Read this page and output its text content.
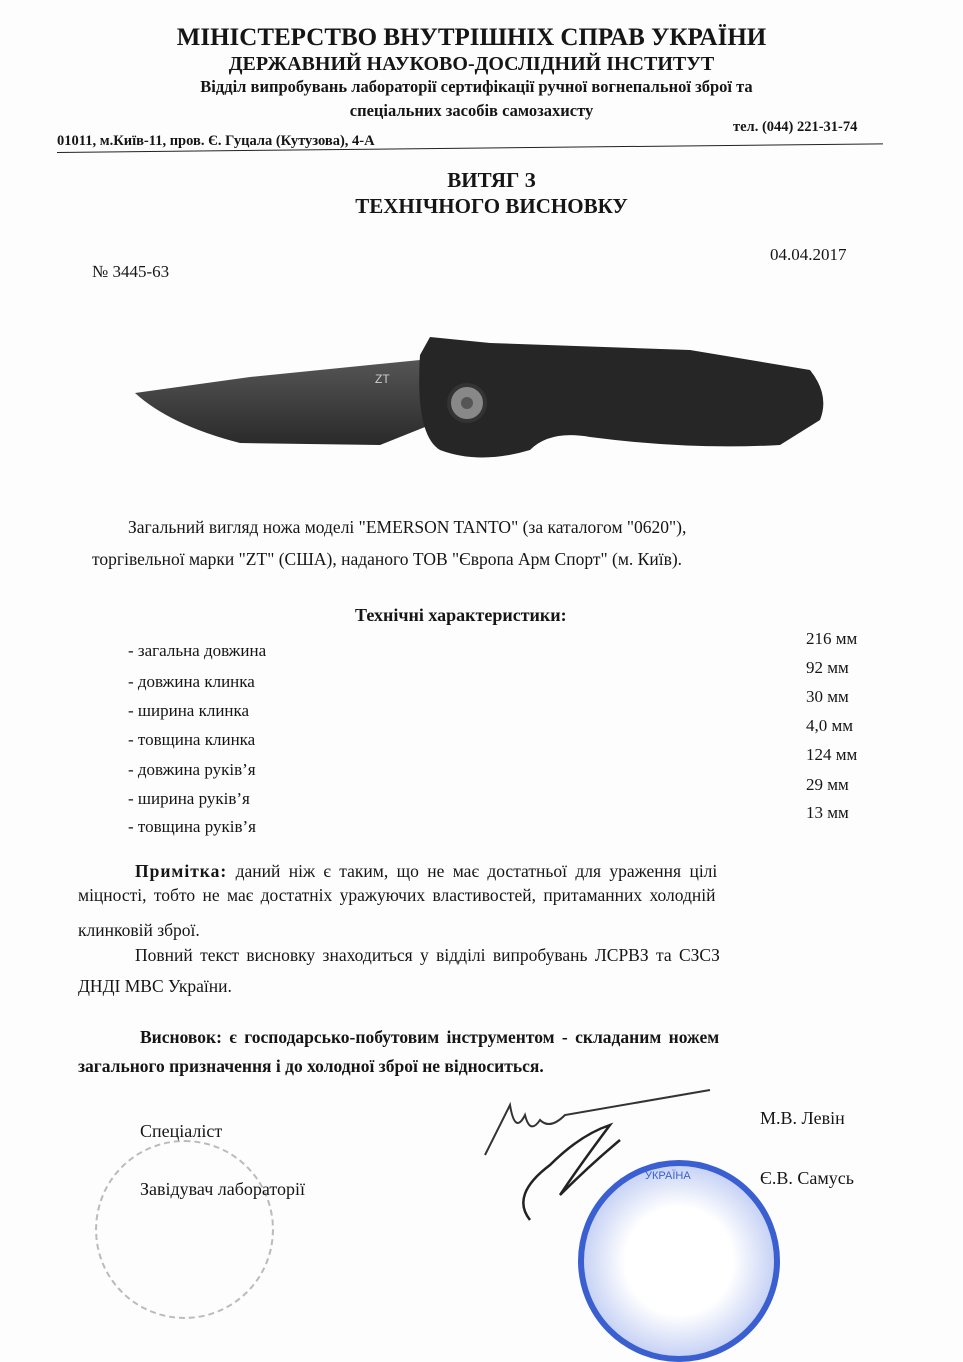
МІНІСТЕРСТВО ВНУТРІШНІХ СПРАВ УКРАЇНИ
ДЕРЖАВНИЙ НАУКОВО-ДОСЛІДНИЙ ІНСТИТУТ
Відділ випробувань лабораторії сертифікації ручної вогнепальної зброї та
спеціальних засобів самозахисту
01011, м.Київ-11, пров. Є. Гуцала (Кутузова), 4-А
тел. (044) 221-31-74
ВИТЯГ З
ТЕХНІЧНОГО ВИСНОВКУ
№ 3445-63
04.04.2017
ZT
Загальний вигляд ножа моделі "EMERSON TANTO" (за каталогом "0620"),
торгівельної марки "ZT" (США), наданого ТОВ "Європа Арм Спорт" (м. Київ).
Технічні характеристики:
- загальна довжина
- довжина клинка
- ширина клинка
- товщина клинка
- довжина руків’я
- ширина руків’я
- товщина руків’я
216 мм
92 мм
30 мм
4,0 мм
124 мм
29 мм
13 мм
Примітка: даний ніж є таким, що не має достатньої для ураження цілі
міцності, тобто не має достатніх уражуючих властивостей, притаманних холодній
клинковій зброї.
Повний текст висновку знаходиться у відділі випробувань ЛСРВЗ та СЗСЗ
ДНДІ МВС України.
Висновок: є господарсько-побутовим інструментом - складаним ножем
загального призначення і до холодної зброї не відноситься.
УКРАЇНА
Спеціаліст
М.В. Левін
Завідувач лабораторії
Є.В. Самусь
